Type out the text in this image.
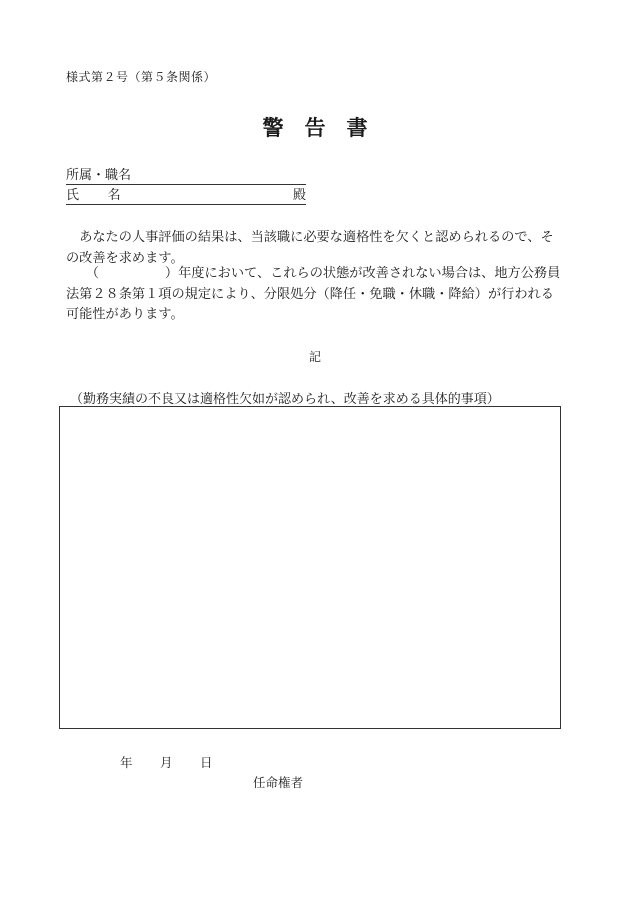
様式第２号（第５条関係）
警　告　書
所属・職名
氏名	殿

あなたの人事評価の結果は、当該職に必要な適格性を欠くと認められるので、その改善を求めます。

（　　　　　）年度において、これらの状態が改善されない場合は、地方公務員法第２８条第１項の規定により、分限処分（降任・免職・休職・降給）が行われる可能性があります。

記
（勤務実績の不良又は適格性欠如が認められ、改善を求める具体的事項）
年 月 日
任命権者
